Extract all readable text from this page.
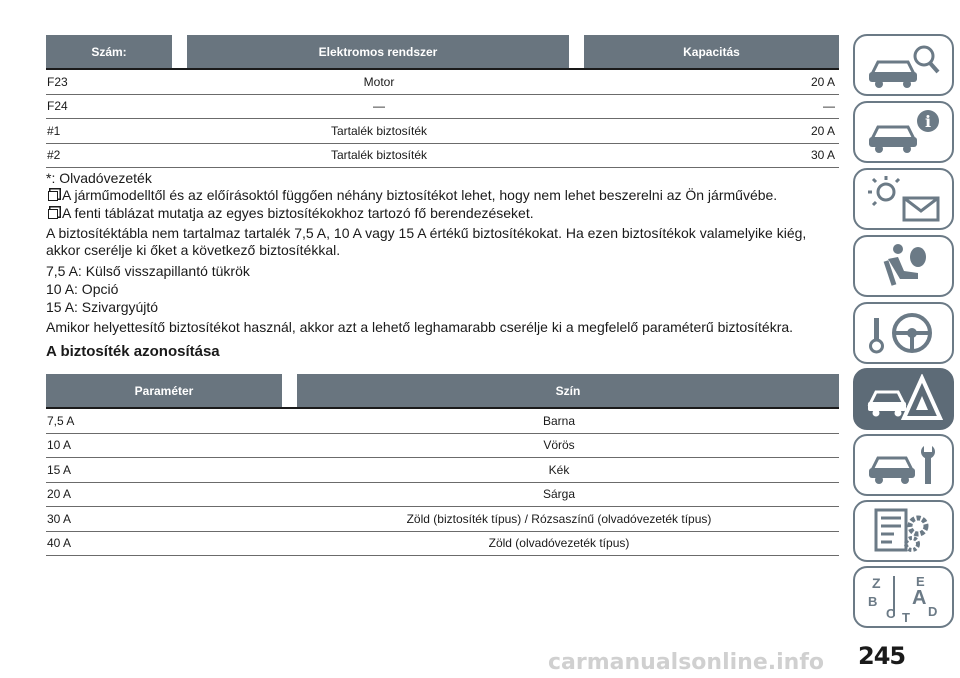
Szám:	Elektromos rendszer	Kapacitás
F23	Motor	20 A
F24	—	—
#1	Tartalék biztosíték	20 A
#2	Tartalék biztosíték	30 A
*: Olvadóvezeték
A járműmodelltől és az előírásoktól függően néhány biztosítékot lehet, hogy nem lehet beszerelni az Ön járművébe.
A fenti táblázat mutatja az egyes biztosítékokhoz tartozó fő berendezéseket.
A biztosítéktábla nem tartalmaz tartalék 7,5 A, 10 A vagy 15 A értékű biztosítékokat. Ha ezen biztosítékok valamelyike kiég, akkor cserélje ki őket a következő biztosítékkal.
7,5 A: Külső visszapillantó tükrök
10 A: Opció
15 A: Szivargyújtó
Amikor helyettesítő biztosítékot használ, akkor azt a lehető leghamarabb cserélje ki a megfelelő paraméterű biztosítékra.
A biztosíték azonosítása
Paraméter	Szín
7,5 A	Barna
10 A	Vörös
15 A	Kék
20 A	Sárga
30 A	Zöld (biztosíték típus) / Rózsaszínű (olvadóvezeték típus)
40 A	Zöld (olvadóvezeték típus)
i
Z	E
B A
C	D
T
carmanualsonline.info 245
